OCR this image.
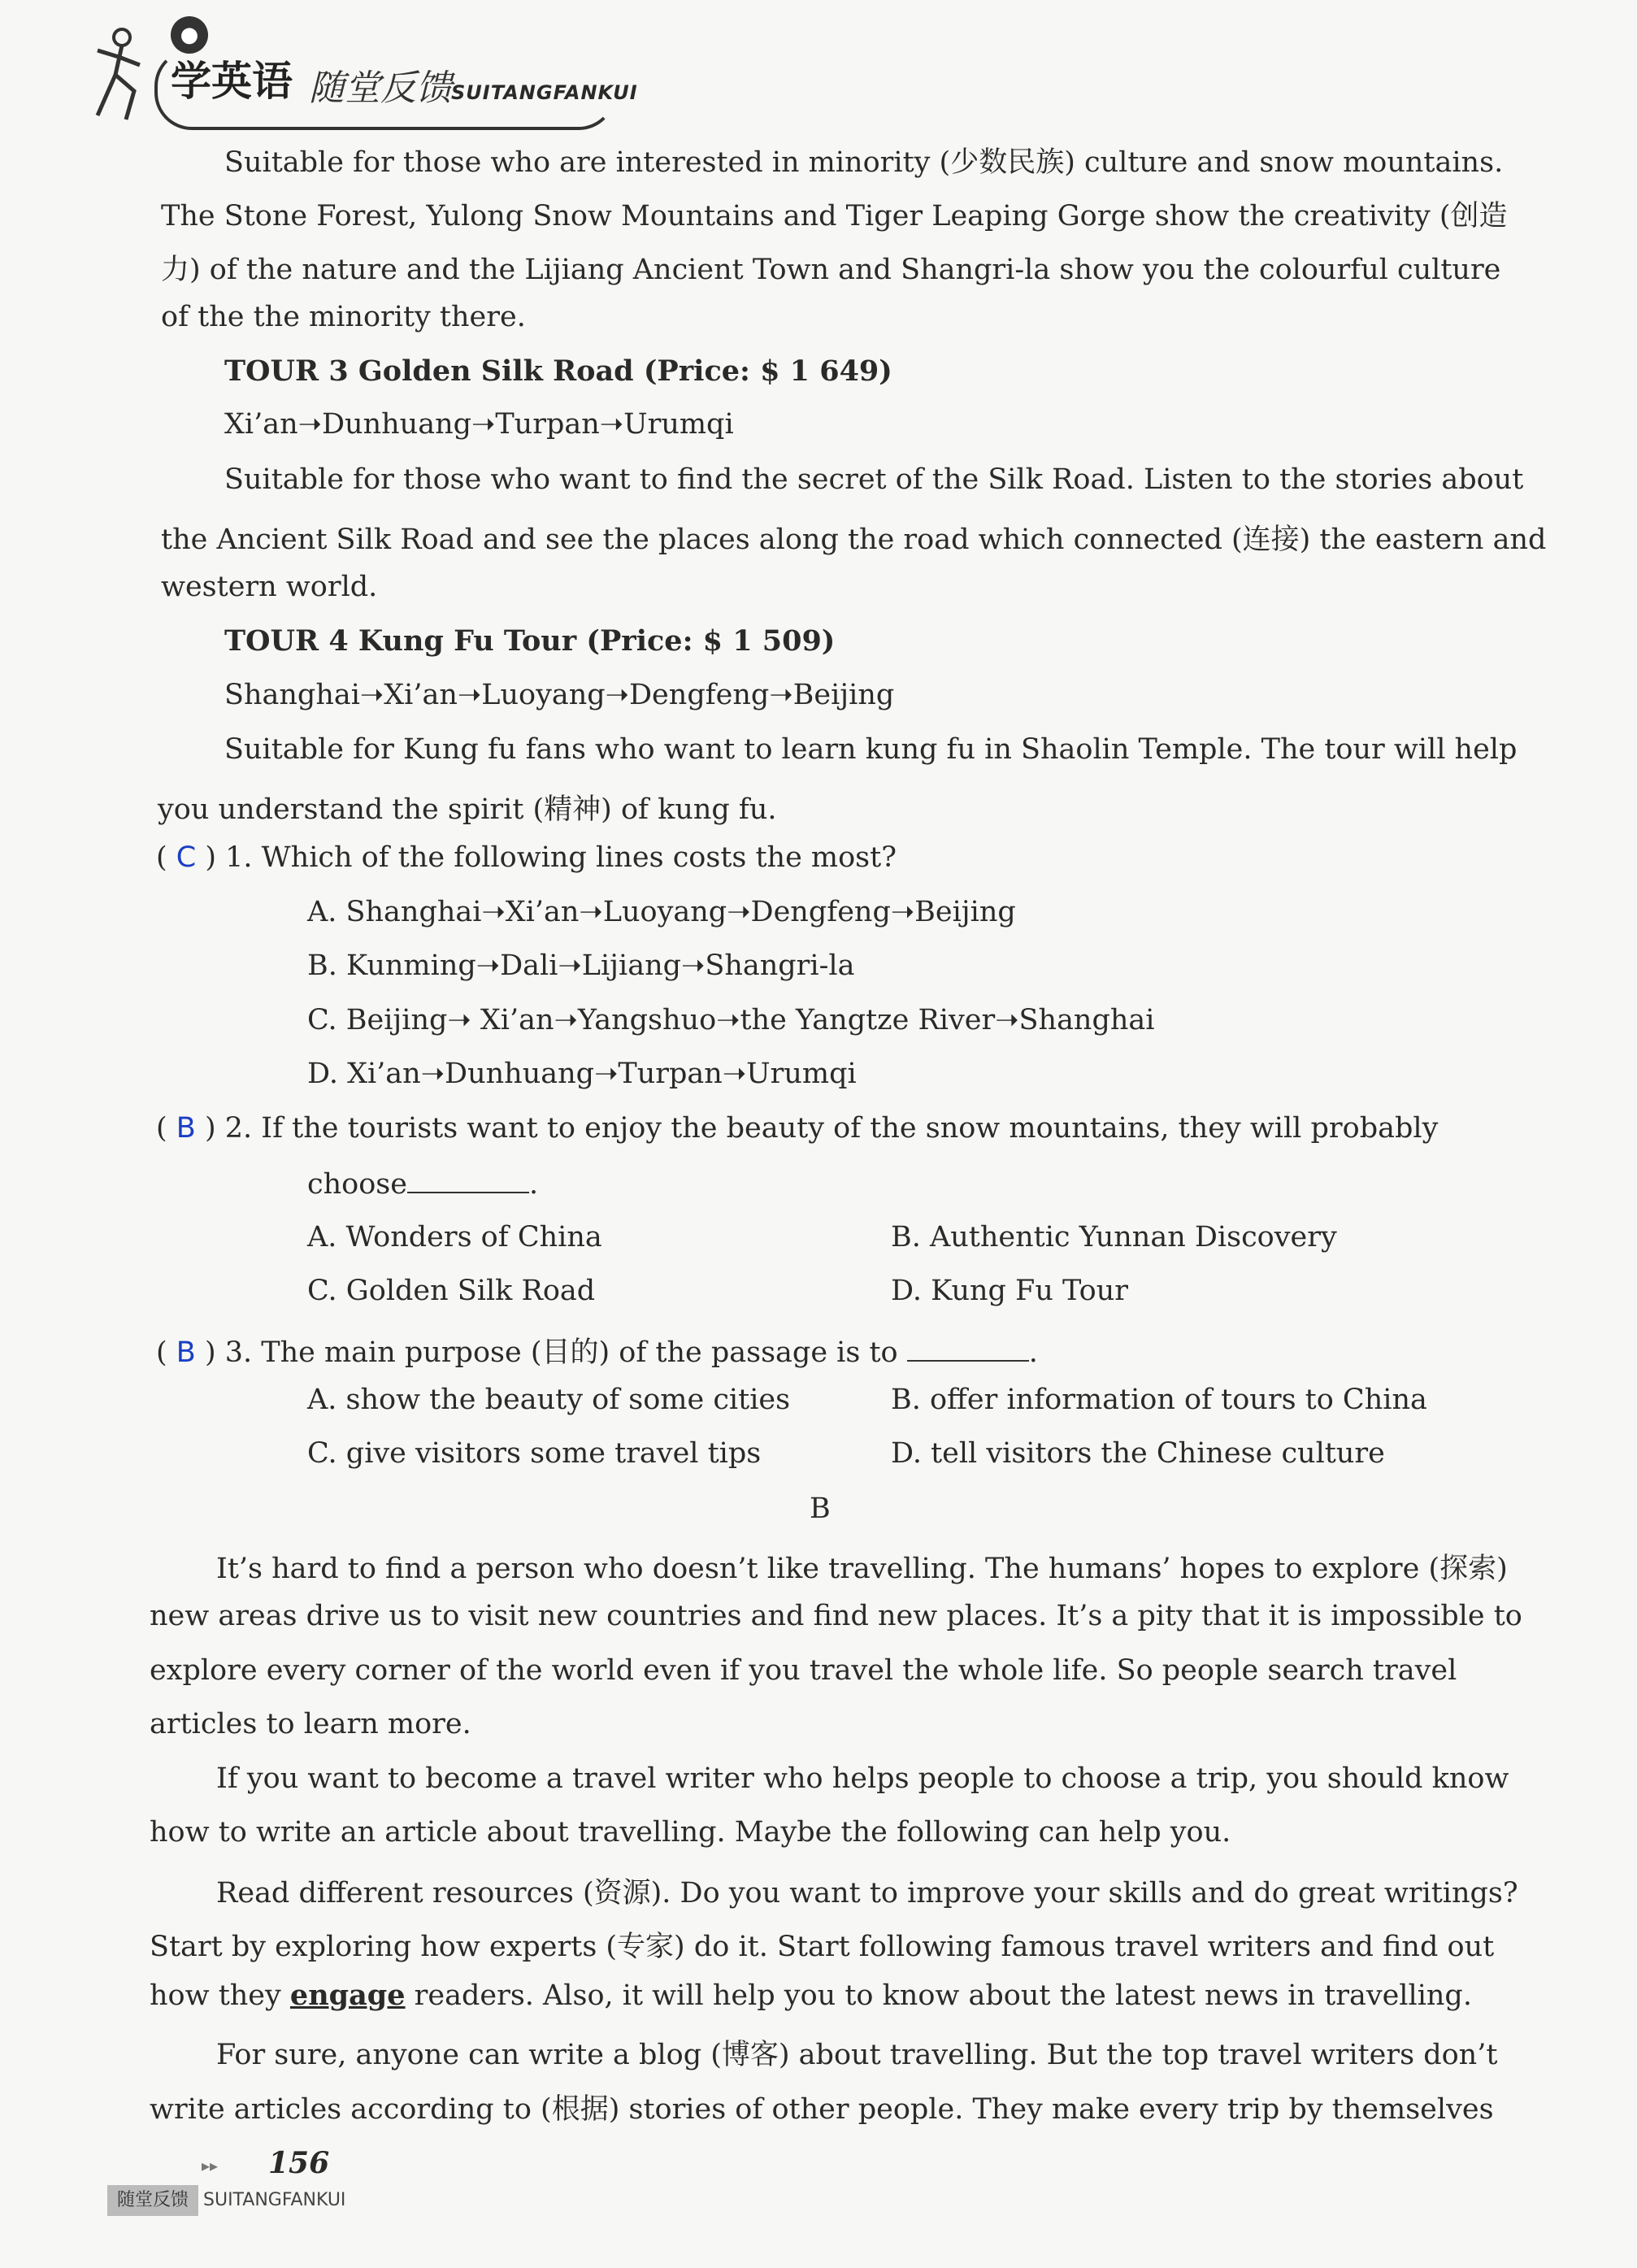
●
学英语 随堂反馈 SUITANGFANKUI
Suitable for those who are interested in minority (少数民族) culture and snow mountains.
The Stone Forest, Yulong Snow Mountains and Tiger Leaping Gorge show the creativity (创造
力) of the nature and the Lijiang Ancient Town and Shangri-la show you the colourful culture
of the the minority there.
TOUR 3 Golden Silk Road (Price: $ 1 649)
Xi’an➝Dunhuang➝Turpan➝Urumqi
Suitable for those who want to find the secret of the Silk Road. Listen to the stories about
the Ancient Silk Road and see the places along the road which connected (连接) the eastern and
western world.
TOUR 4 Kung Fu Tour (Price: $ 1 509)
Shanghai➝Xi’an➝Luoyang➝Dengfeng➝Beijing
Suitable for Kung fu fans who want to learn kung fu in Shaolin Temple. The tour will help
you understand the spirit (精神) of kung fu.
( C ) 1. Which of the following lines costs the most?
A. Shanghai➝Xi’an➝Luoyang➝Dengfeng➝Beijing
B. Kunming➝Dali➝Lijiang➝Shangri-la
C. Beijing➝ Xi’an➝Yangshuo➝the Yangtze River➝Shanghai
D. Xi’an➝Dunhuang➝Turpan➝Urumqi
( B ) 2. If the tourists want to enjoy the beauty of the snow mountains, they will probably
choose	.
A. Wonders of China	B. Authentic Yunnan Discovery
C. Golden Silk Road	D. Kung Fu Tour
( B ) 3. The main purpose (目的) of the passage is to	.
A. show the beauty of some cities	B. offer information of tours to China
C. give visitors some travel tips	D. tell visitors the Chinese culture
B
It’s hard to find a person who doesn’t like travelling. The humans’ hopes to explore (探索)
new areas drive us to visit new countries and find new places. It’s a pity that it is impossible to
explore every corner of the world even if you travel the whole life. So people search travel
articles to learn more.
If you want to become a travel writer who helps people to choose a trip, you should know
how to write an article about travelling. Maybe the following can help you.
Read different resources (资源). Do you want to improve your skills and do great writings?
Start by exploring how experts (专家) do it. Start following famous travel writers and find out
how they engage readers. Also, it will help you to know about the latest news in travelling.
For sure, anyone can write a blog (博客) about travelling. But the top travel writers don’t
write articles according to (根据) stories of other people. They make every trip by themselves
▸▸ 156
随堂反馈 SUITANGFANKUI
